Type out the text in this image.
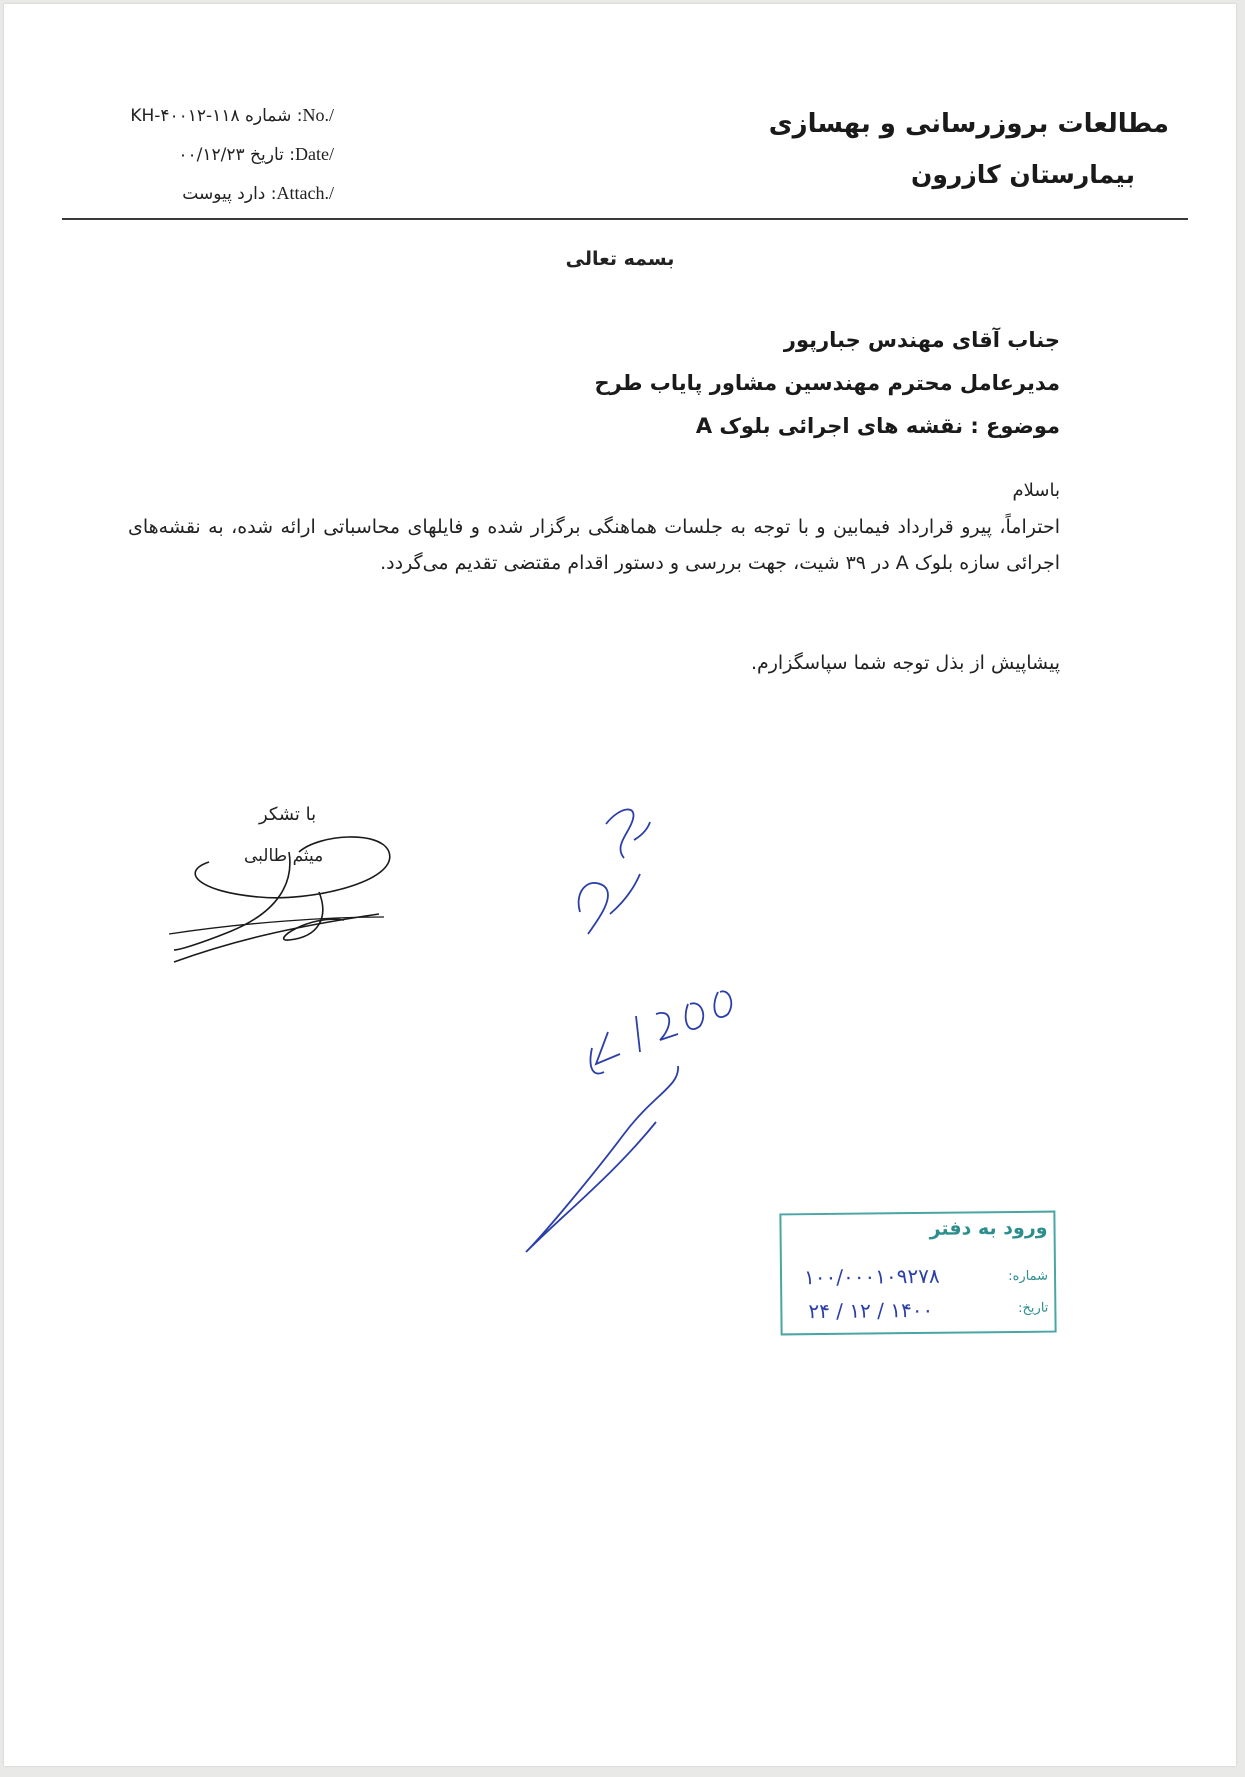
KH-۴۰۰۱۲-۱۱۸ شماره :No./
۰۰/۱۲/۲۳ تاریخ :Date/
دارد پیوست :Attach./
مطالعات بروزرسانی و بهسازی
بیمارستان کازرون
بسمه تعالی
جناب آقای مهندس جبارپور
مدیرعامل محترم مهندسین مشاور پایاب طرح
موضوع : نقشه های اجرائی بلوک A

باسلام

احتراماً، پیرو قرارداد فیمابین و با توجه به جلسات هماهنگی برگزار شده و فایلهای محاسباتی ارائه شده، به نقشه‌های اجرائی سازه بلوک A در ۳۹ شیت، جهت بررسی و دستور اقدام مقتضی تقدیم می‌گردد.

پیشاپیش از بذل توجه شما سپاسگزارم.
با تشکر
میثم طالبی
ورود به دفتر
شماره:
۱۰۰/۰۰۰۱۰۹۲۷۸
تاریخ:
۱۴۰۰ / ۱۲ / ۲۴
